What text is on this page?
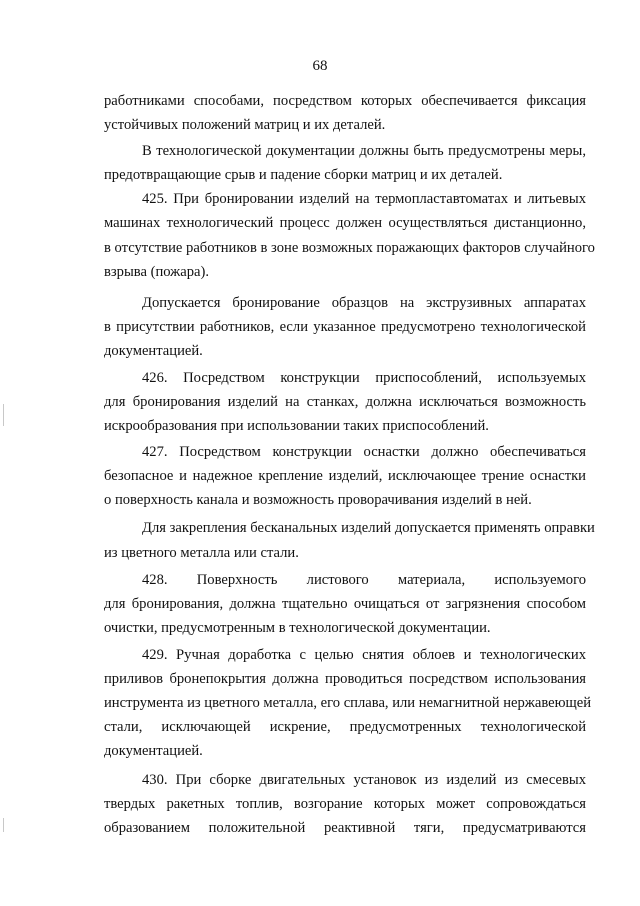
68
работниками способами, посредством которых обеспечивается фиксация
устойчивых положений матриц и их деталей.
В технологической документации должны быть предусмотрены меры,
предотвращающие срыв и падение сборки матриц и их деталей.
425. При бронировании изделий на термопластавтоматах и литьевых
машинах технологический процесс должен осуществляться дистанционно,
в отсутствие работников в зоне возможных поражающих факторов случайного
взрыва (пожара).
Допускается бронирование образцов на экструзивных аппаратах
в присутствии работников, если указанное предусмотрено технологической
документацией.
426. Посредством конструкции приспособлений, используемых
для бронирования изделий на станках, должна исключаться возможность
искрообразования при использовании таких приспособлений.
427. Посредством конструкции оснастки должно обеспечиваться
безопасное и надежное крепление изделий, исключающее трение оснастки
о поверхность канала и возможность проворачивания изделий в ней.
Для закрепления бесканальных изделий допускается применять оправки
из цветного металла или стали.
428. Поверхность листового материала, используемого
для бронирования, должна тщательно очищаться от загрязнения способом
очистки, предусмотренным в технологической документации.
429. Ручная доработка с целью снятия облоев и технологических
приливов бронепокрытия должна проводиться посредством использования
инструмента из цветного металла, его сплава, или немагнитной нержавеющей
стали, исключающей искрение, предусмотренных технологической
документацией.
430. При сборке двигательных установок из изделий из смесевых
твердых ракетных топлив, возгорание которых может сопровождаться
образованием положительной реактивной тяги, предусматриваются
